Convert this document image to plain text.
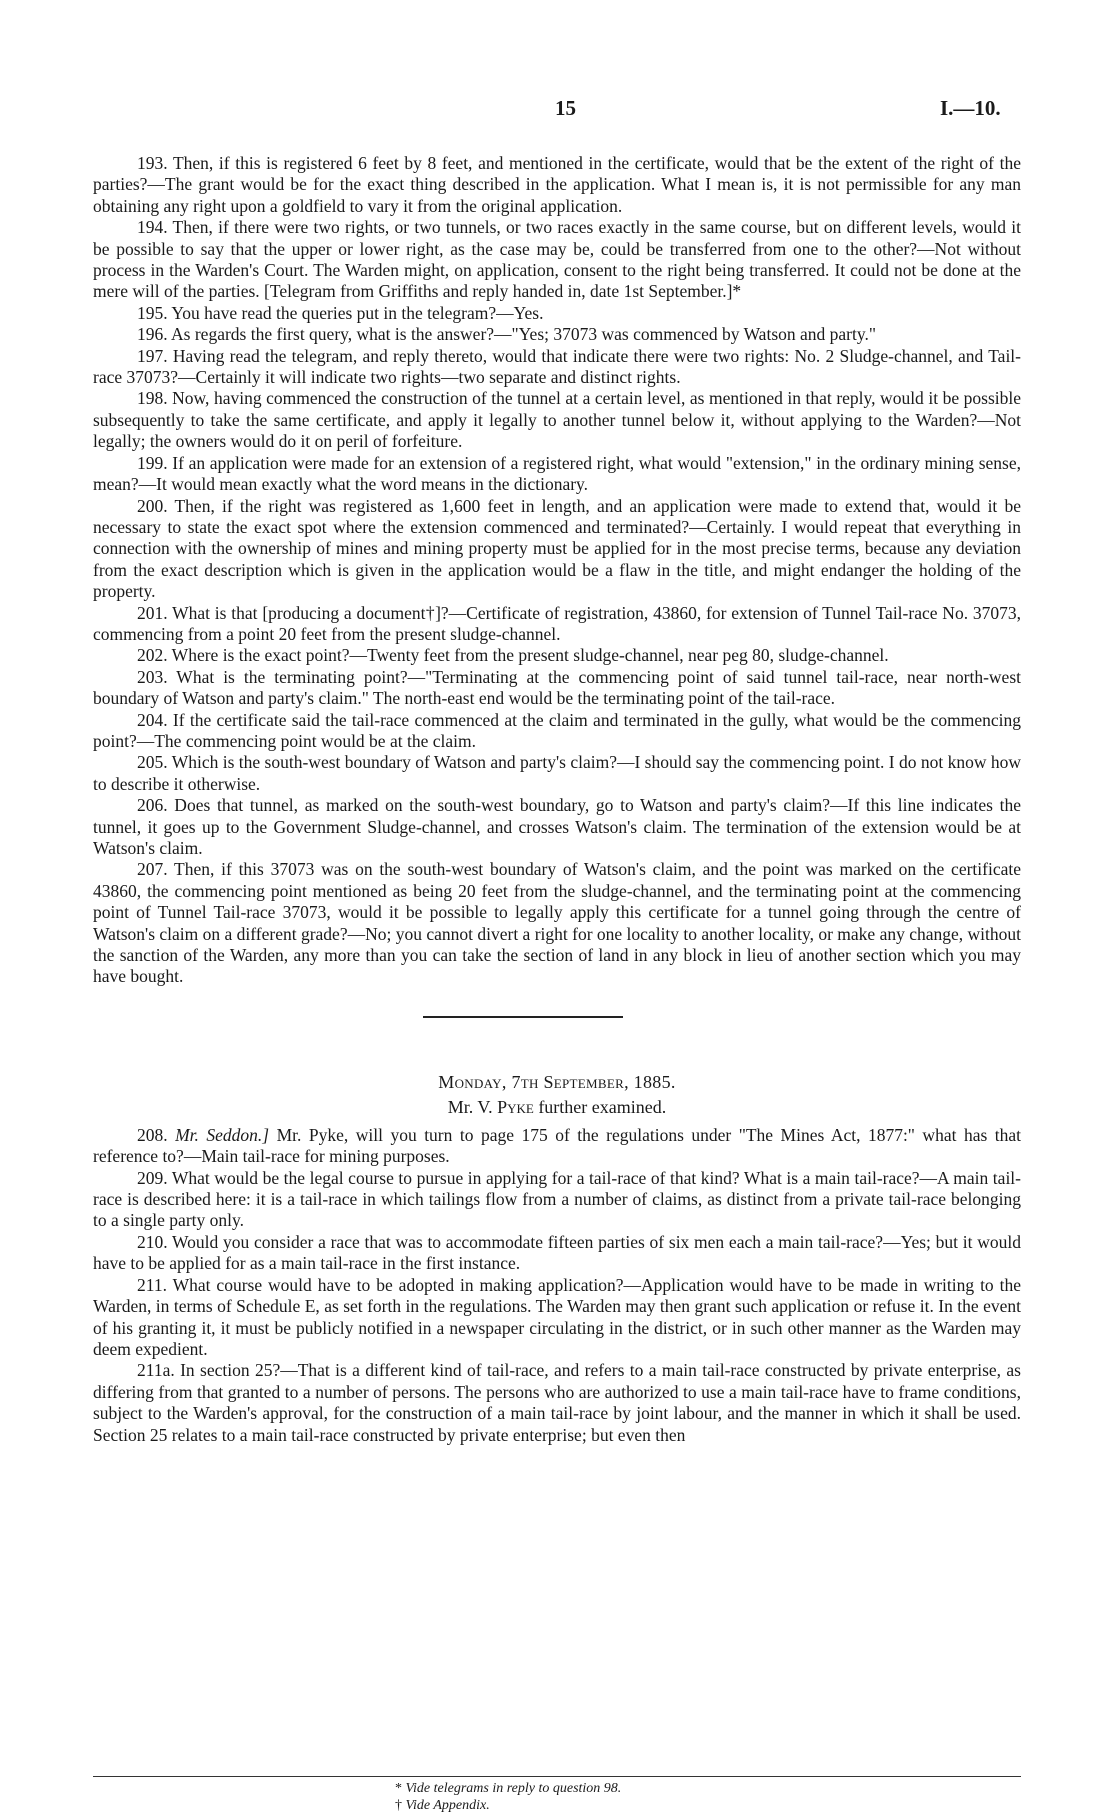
15	I.—10.

193. Then, if this is registered 6 feet by 8 feet, and mentioned in the certificate, would that be the extent of the right of the parties?—The grant would be for the exact thing described in the application. What I mean is, it is not permissible for any man obtaining any right upon a goldfield to vary it from the original application.

194. Then, if there were two rights, or two tunnels, or two races exactly in the same course, but on different levels, would it be possible to say that the upper or lower right, as the case may be, could be transferred from one to the other?—Not without process in the Warden's Court. The Warden might, on application, consent to the right being transferred. It could not be done at the mere will of the parties. [Telegram from Griffiths and reply handed in, date 1st September.]*

195. You have read the queries put in the telegram?—Yes.

196. As regards the first query, what is the answer?—"Yes; 37073 was commenced by Watson and party."

197. Having read the telegram, and reply thereto, would that indicate there were two rights: No. 2 Sludge-channel, and Tail-race 37073?—Certainly it will indicate two rights—two separate and distinct rights.

198. Now, having commenced the construction of the tunnel at a certain level, as mentioned in that reply, would it be possible subsequently to take the same certificate, and apply it legally to another tunnel below it, without applying to the Warden?—Not legally; the owners would do it on peril of forfeiture.

199. If an application were made for an extension of a registered right, what would "extension," in the ordinary mining sense, mean?—It would mean exactly what the word means in the dictionary.

200. Then, if the right was registered as 1,600 feet in length, and an application were made to extend that, would it be necessary to state the exact spot where the extension commenced and terminated?—Certainly. I would repeat that everything in connection with the ownership of mines and mining property must be applied for in the most precise terms, because any deviation from the exact description which is given in the application would be a flaw in the title, and might endanger the holding of the property.

201. What is that [producing a document†]?—Certificate of registration, 43860, for extension of Tunnel Tail-race No. 37073, commencing from a point 20 feet from the present sludge-channel.

202. Where is the exact point?—Twenty feet from the present sludge-channel, near peg 80, sludge-channel.

203. What is the terminating point?—"Terminating at the commencing point of said tunnel tail-race, near north-west boundary of Watson and party's claim." The north-east end would be the terminating point of the tail-race.

204. If the certificate said the tail-race commenced at the claim and terminated in the gully, what would be the commencing point?—The commencing point would be at the claim.

205. Which is the south-west boundary of Watson and party's claim?—I should say the commencing point. I do not know how to describe it otherwise.

206. Does that tunnel, as marked on the south-west boundary, go to Watson and party's claim?—If this line indicates the tunnel, it goes up to the Government Sludge-channel, and crosses Watson's claim. The termination of the extension would be at Watson's claim.

207. Then, if this 37073 was on the south-west boundary of Watson's claim, and the point was marked on the certificate 43860, the commencing point mentioned as being 20 feet from the sludge-channel, and the terminating point at the commencing point of Tunnel Tail-race 37073, would it be possible to legally apply this certificate for a tunnel going through the centre of Watson's claim on a different grade?—No; you cannot divert a right for one locality to another locality, or make any change, without the sanction of the Warden, any more than you can take the section of land in any block in lieu of another section which you may have bought.

Monday, 7th September, 1885.

Mr. V. Pyke further examined.

208. Mr. Seddon.] Mr. Pyke, will you turn to page 175 of the regulations under "The Mines Act, 1877:" what has that reference to?—Main tail-race for mining purposes.

209. What would be the legal course to pursue in applying for a tail-race of that kind? What is a main tail-race?—A main tail-race is described here: it is a tail-race in which tailings flow from a number of claims, as distinct from a private tail-race belonging to a single party only.

210. Would you consider a race that was to accommodate fifteen parties of six men each a main tail-race?—Yes; but it would have to be applied for as a main tail-race in the first instance.

211. What course would have to be adopted in making application?—Application would have to be made in writing to the Warden, in terms of Schedule E, as set forth in the regulations. The Warden may then grant such application or refuse it. In the event of his granting it, it must be publicly notified in a newspaper circulating in the district, or in such other manner as the Warden may deem expedient.

211a. In section 25?—That is a different kind of tail-race, and refers to a main tail-race constructed by private enterprise, as differing from that granted to a number of persons. The persons who are authorized to use a main tail-race have to frame conditions, subject to the Warden's approval, for the construction of a main tail-race by joint labour, and the manner in which it shall be used. Section 25 relates to a main tail-race constructed by private enterprise; but even then

* Vide telegrams in reply to question 98.

† Vide Appendix.
